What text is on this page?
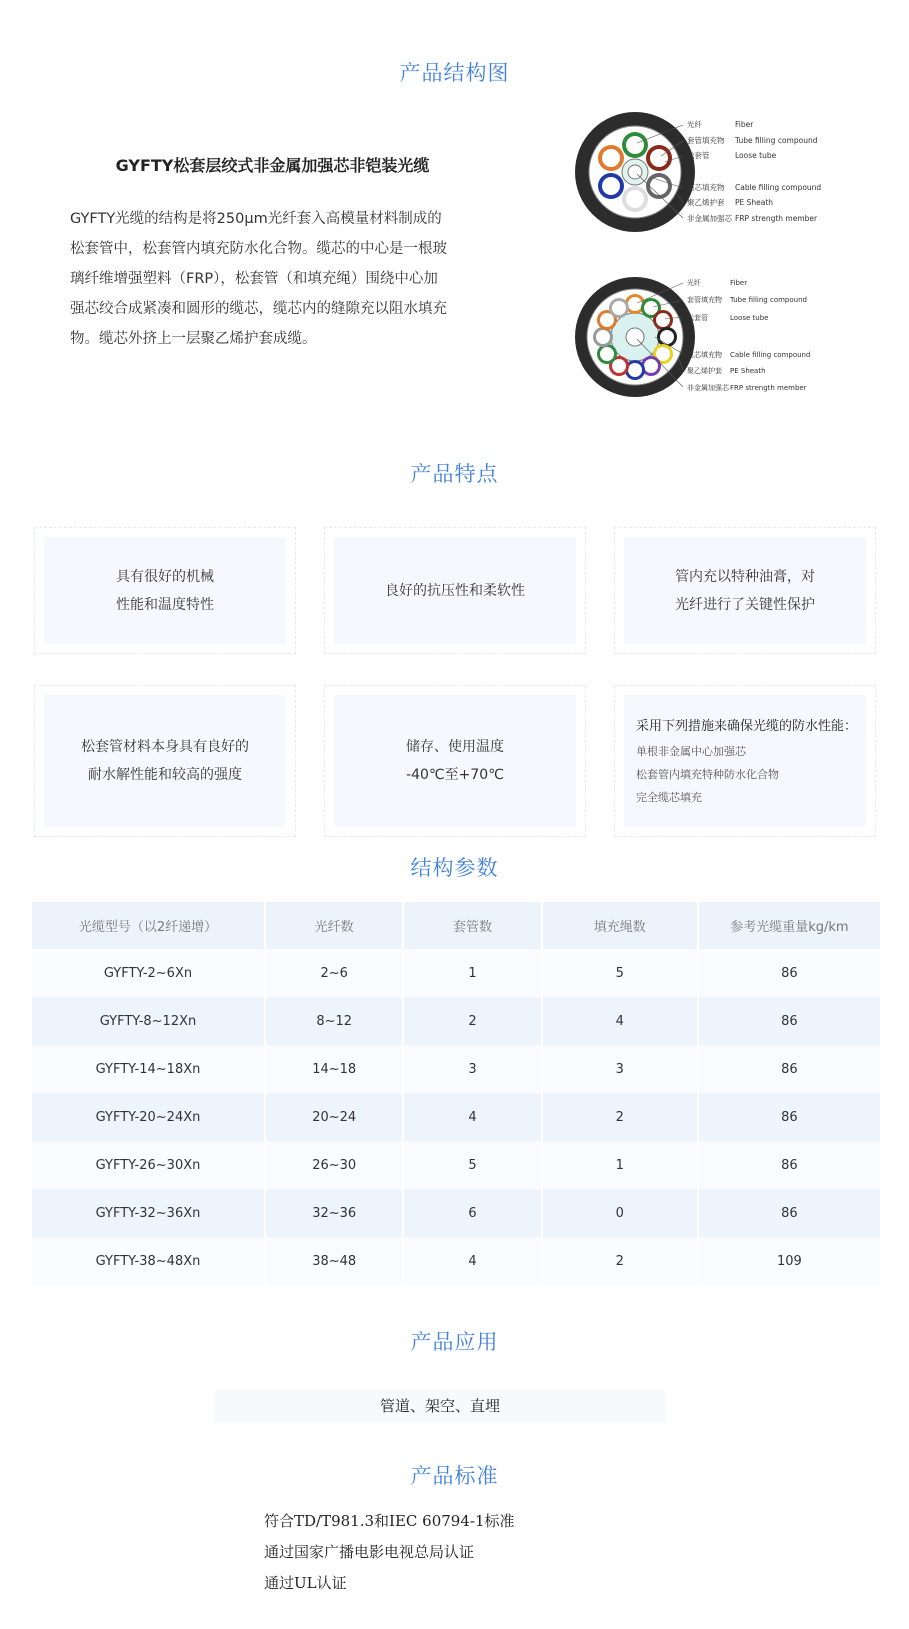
产品结构图
GYFTY松套层绞式非金属加强芯非铠装光缆
GYFTY光缆的结构是将250μm光纤套入高模量材料制成的
松套管中，松套管内填充防水化合物。缆芯的中心是一根玻
璃纤维增强塑料（FRP），松套管（和填充绳）围绕中心加
强芯绞合成紧凑和圆形的缆芯，缆芯内的缝隙充以阻水填充
物。缆芯外挤上一层聚乙烯护套成缆。
光纤	Fiber
套管填充物 Tube filling compound
松套管	Loose tube
缆芯填充物 Cable filling compound
聚乙烯护套 PE Sheath
非金属加强芯 FRP strength member
光纤	Fiber
套管填充物 Tube filling compound
松套管	Loose tube
缆芯填充物 Cable filling compound
聚乙烯护套 PE Sheath
非金属加强芯 FRP strength member
产品特点
具有很好的机械
性能和温度特性
良好的抗压性和柔软性
管内充以特种油膏，对
光纤进行了关键性保护
松套管材料本身具有良好的
耐水解性能和较高的强度
储存、使用温度
-40℃至+70℃
采用下列措施来确保光缆的防水性能：
单根非金属中心加强芯
松套管内填充特种防水化合物
完全缆芯填充
结构参数
光缆型号（以2纤递增）	光纤数	套管数	填充绳数	参考光缆重量kg/km
GYFTY-2~6Xn	2~6	1	5	86
GYFTY-8~12Xn	8~12	2	4	86
GYFTY-14~18Xn	14~18	3	3	86
GYFTY-20~24Xn	20~24	4	2	86
GYFTY-26~30Xn	26~30	5	1	86
GYFTY-32~36Xn	32~36	6	0	86
GYFTY-38~48Xn	38~48	4	2	109
产品应用
管道、架空、直埋
产品标准
符合TD/T981.3和IEC 60794-1标准
通过国家广播电影电视总局认证
通过UL认证
